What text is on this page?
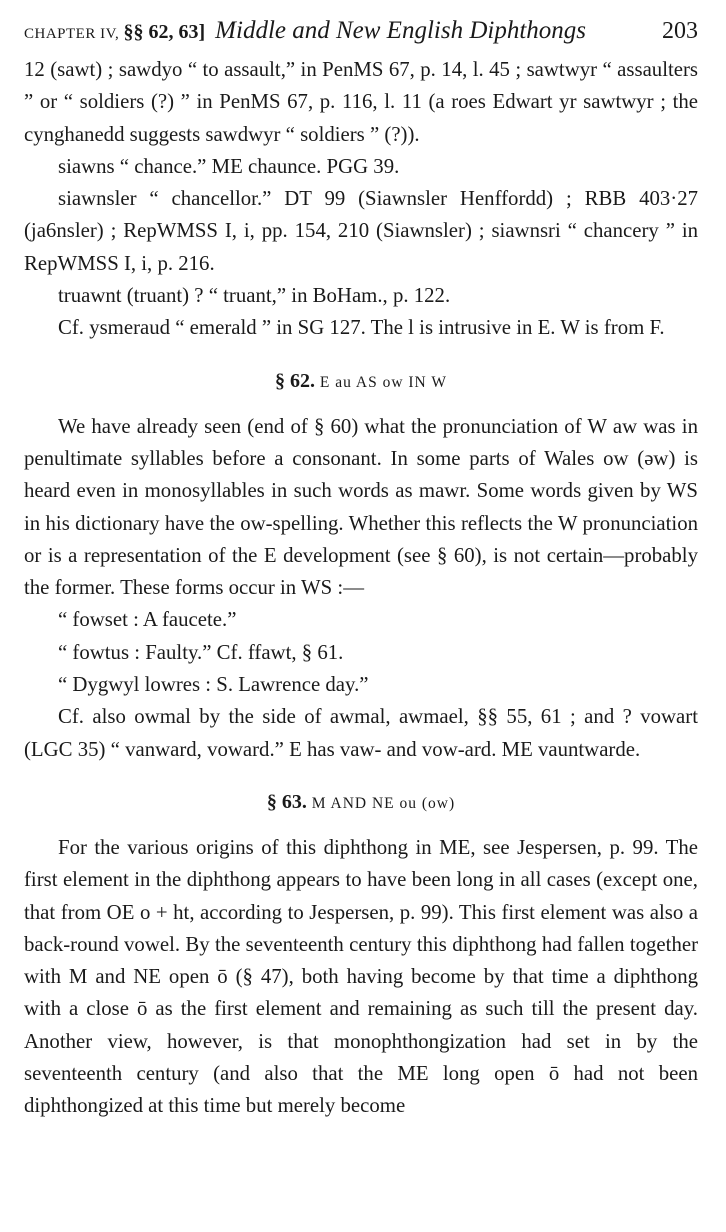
CHAPTER IV, §§ 62, 63] Middle and New English Diphthongs	203

12 (sawt) ; sawdyo “ to assault,” in PenMS 67, p. 14, l. 45 ; sawtwyr “ assaulters ” or “ soldiers (?) ” in PenMS 67, p. 116, l. 11 (a roes Edwart yr sawtwyr ; the cynghanedd suggests sawdwyr “ soldiers ” (?)).

siawns “ chance.” ME chaunce. PGG 39.

siawnsler “ chancellor.” DT 99 (Siawnsler Henffordd) ; RBB 403·27 (ja6nsler) ; RepWMSS I, i, pp. 154, 210 (Siawnsler) ; siawnsri “ chancery ” in RepWMSS I, i, p. 216.

truawnt (truant) ? “ truant,” in BoHam., p. 122.

Cf. ysmeraud “ emerald ” in SG 127. The l is intrusive in E. W is from F.

§ 62. E au AS ow IN W

We have already seen (end of § 60) what the pronunciation of W aw was in penultimate syllables before a consonant. In some parts of Wales ow (əw) is heard even in monosyllables in such words as mawr. Some words given by WS in his dictionary have the ow-spelling. Whether this reflects the W pronunciation or is a representation of the E development (see § 60), is not certain—probably the former. These forms occur in WS :—

“ fowset : A faucete.”

“ fowtus : Faulty.” Cf. ffawt, § 61.

“ Dygwyl lowres : S. Lawrence day.”

Cf. also owmal by the side of awmal, awmael, §§ 55, 61 ; and ? vowart (LGC 35) “ vanward, voward.” E has vaw- and vow-ard. ME vauntwarde.

§ 63. M AND NE ou (ow)

For the various origins of this diphthong in ME, see Jespersen, p. 99. The first element in the diphthong appears to have been long in all cases (except one, that from OE o + ht, according to Jespersen, p. 99). This first element was also a back-round vowel. By the seventeenth century this diphthong had fallen together with M and NE open ō (§ 47), both having become by that time a diphthong with a close ō as the first element and remaining as such till the present day. Another view, however, is that monophthongization had set in by the seventeenth century (and also that the ME long open ō had not been diphthongized at this time but merely become
